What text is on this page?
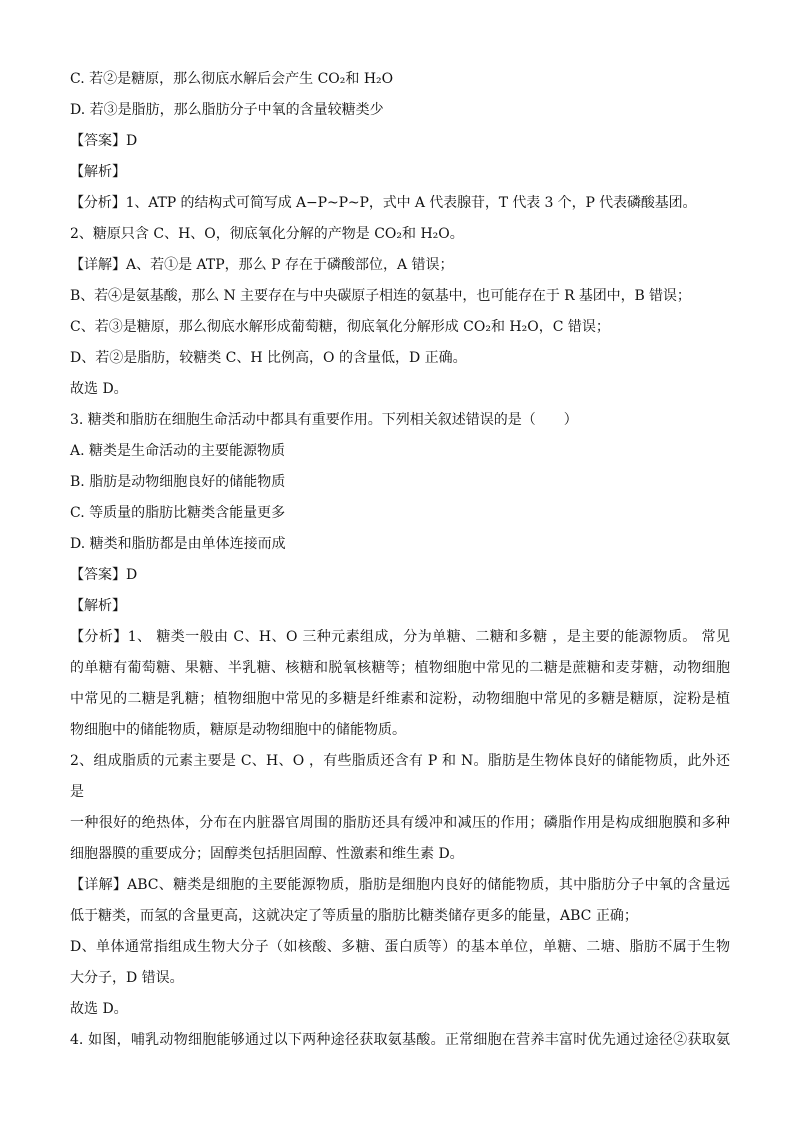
C. 若②是糖原，那么彻底水解后会产生 CO₂和 H₂O
D. 若③是脂肪，那么脂肪分子中氧的含量较糖类少
【答案】D
【解析】
【分析】1、ATP 的结构式可简写成 A−P~P~P，式中 A 代表腺苷，T 代表 3 个，P 代表磷酸基团。
2、糖原只含 C、H、O，彻底氧化分解的产物是 CO₂和 H₂O。
【详解】A、若①是 ATP，那么 P 存在于磷酸部位，A 错误；
B、若④是氨基酸，那么 N 主要存在与中央碳原子相连的氨基中，也可能存在于 R 基团中，B 错误；
C、若③是糖原，那么彻底水解形成葡萄糖，彻底氧化分解形成 CO₂和 H₂O，C 错误；
D、若②是脂肪，较糖类 C、H 比例高，O 的含量低，D 正确。
故选 D。
3. 糖类和脂肪在细胞生命活动中都具有重要作用。下列相关叙述错误的是（　　）
A. 糖类是生命活动的主要能源物质
B. 脂肪是动物细胞良好的储能物质
C. 等质量的脂肪比糖类含能量更多
D. 糖类和脂肪都是由单体连接而成
【答案】D
【解析】
【分析】1、 糖类一般由 C、H、O 三种元素组成，分为单糖、二糖和多糖 ，是主要的能源物质。 常见
的单糖有葡萄糖、果糖、半乳糖、核糖和脱氧核糖等；植物细胞中常见的二糖是蔗糖和麦芽糖，动物细胞
中常见的二糖是乳糖；植物细胞中常见的多糖是纤维素和淀粉，动物细胞中常见的多糖是糖原，淀粉是植
物细胞中的储能物质，糖原是动物细胞中的储能物质。
2、组成脂质的元素主要是 C、H、O ，有些脂质还含有 P 和 N。脂肪是生物体良好的储能物质，此外还是
一种很好的绝热体，分布在内脏器官周围的脂肪还具有缓冲和减压的作用；磷脂作用是构成细胞膜和多种
细胞器膜的重要成分；固醇类包括胆固醇、性激素和维生素 D。
【详解】ABC、糖类是细胞的主要能源物质，脂肪是细胞内良好的储能物质，其中脂肪分子中氧的含量远
低于糖类，而氢的含量更高，这就决定了等质量的脂肪比糖类储存更多的能量，ABC 正确；
D、单体通常指组成生物大分子（如核酸、多糖、蛋白质等）的基本单位，单糖、二塘、脂肪不属于生物
大分子，D 错误。
故选 D。
4. 如图，哺乳动物细胞能够通过以下两种途径获取氨基酸。正常细胞在营养丰富时优先通过途径②获取氨
